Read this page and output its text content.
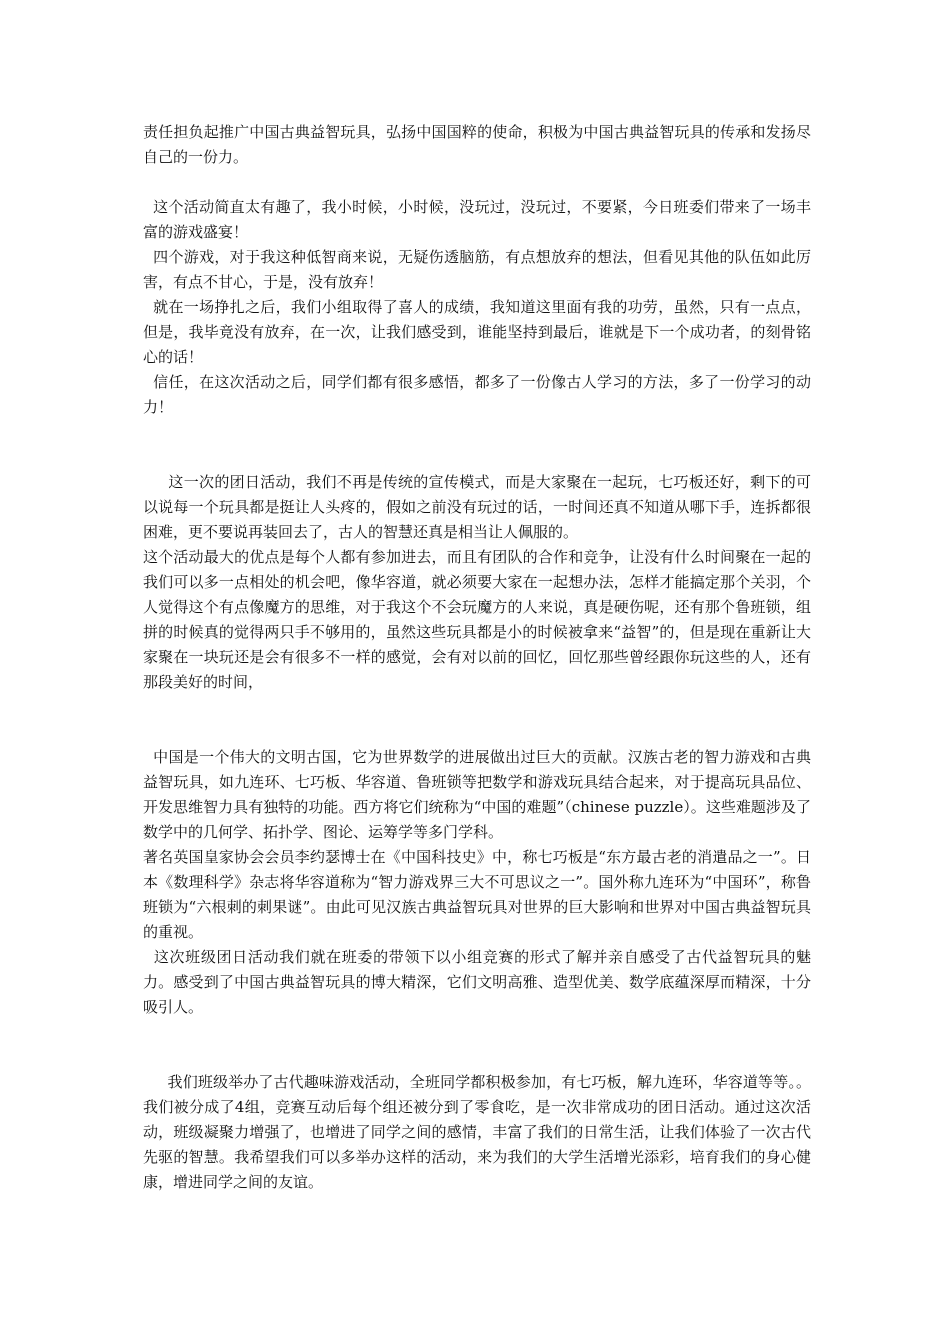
责任担负起推广中国古典益智玩具，弘扬中国国粹的使命，积极为中国古典益智玩具的传承和发扬尽自己的一份力。

这个活动简直太有趣了，我小时候，小时候，没玩过，没玩过，不要紧，今日班委们带来了一场丰富的游戏盛宴！

四个游戏，对于我这种低智商来说，无疑伤透脑筋，有点想放弃的想法，但看见其他的队伍如此厉害，有点不甘心，于是，没有放弃！

就在一场挣扎之后，我们小组取得了喜人的成绩，我知道这里面有我的功劳，虽然，只有一点点，但是，我毕竟没有放弃，在一次，让我们感受到，谁能坚持到最后，谁就是下一个成功者，的刻骨铭心的话！

信任，在这次活动之后，同学们都有很多感悟，都多了一份像古人学习的方法，多了一份学习的动力！

这一次的团日活动，我们不再是传统的宣传模式，而是大家聚在一起玩，七巧板还好，剩下的可以说每一个玩具都是挺让人头疼的，假如之前没有玩过的话，一时间还真不知道从哪下手，连拆都很困难，更不要说再装回去了，古人的智慧还真是相当让人佩服的。

这个活动最大的优点是每个人都有参加进去，而且有团队的合作和竞争，让没有什么时间聚在一起的我们可以多一点相处的机会吧，像华容道，就必须要大家在一起想办法，怎样才能搞定那个关羽，个人觉得这个有点像魔方的思维，对于我这个不会玩魔方的人来说，真是硬伤呢，还有那个鲁班锁，组拼的时候真的觉得两只手不够用的，虽然这些玩具都是小的时候被拿来“益智”的，但是现在重新让大家聚在一块玩还是会有很多不一样的感觉，会有对以前的回忆，回忆那些曾经跟你玩这些的人，还有那段美好的时间，

中国是一个伟大的文明古国，它为世界数学的进展做出过巨大的贡献。汉族古老的智力游戏和古典益智玩具，如九连环、七巧板、华容道、鲁班锁等把数学和游戏玩具结合起来，对于提高玩具品位、开发思维智力具有独特的功能。西方将它们统称为“中国的难题”（chinese puzzle）。这些难题涉及了数学中的几何学、拓扑学、图论、运筹学等多门学科。

著名英国皇家协会会员李约瑟博士在《中国科技史》中，称七巧板是“东方最古老的消遣品之一”。日本《数理科学》杂志将华容道称为“智力游戏界三大不可思议之一”。国外称九连环为“中国环”，称鲁班锁为“六根刺的刺果谜”。由此可见汉族古典益智玩具对世界的巨大影响和世界对中国古典益智玩具的重视。

这次班级团日活动我们就在班委的带领下以小组竞赛的形式了解并亲自感受了古代益智玩具的魅力。感受到了中国古典益智玩具的博大精深，它们文明高雅、造型优美、数学底蕴深厚而精深，十分吸引人。

我们班级举办了古代趣味游戏活动，全班同学都积极参加，有七巧板，解九连环，华容道等等。。我们被分成了4组，竞赛互动后每个组还被分到了零食吃，是一次非常成功的团日活动。通过这次活动，班级凝聚力增强了，也增进了同学之间的感情，丰富了我们的日常生活，让我们体验了一次古代先驱的智慧。我希望我们可以多举办这样的活动，来为我们的大学生活增光添彩，培育我们的身心健康，增进同学之间的友谊。
